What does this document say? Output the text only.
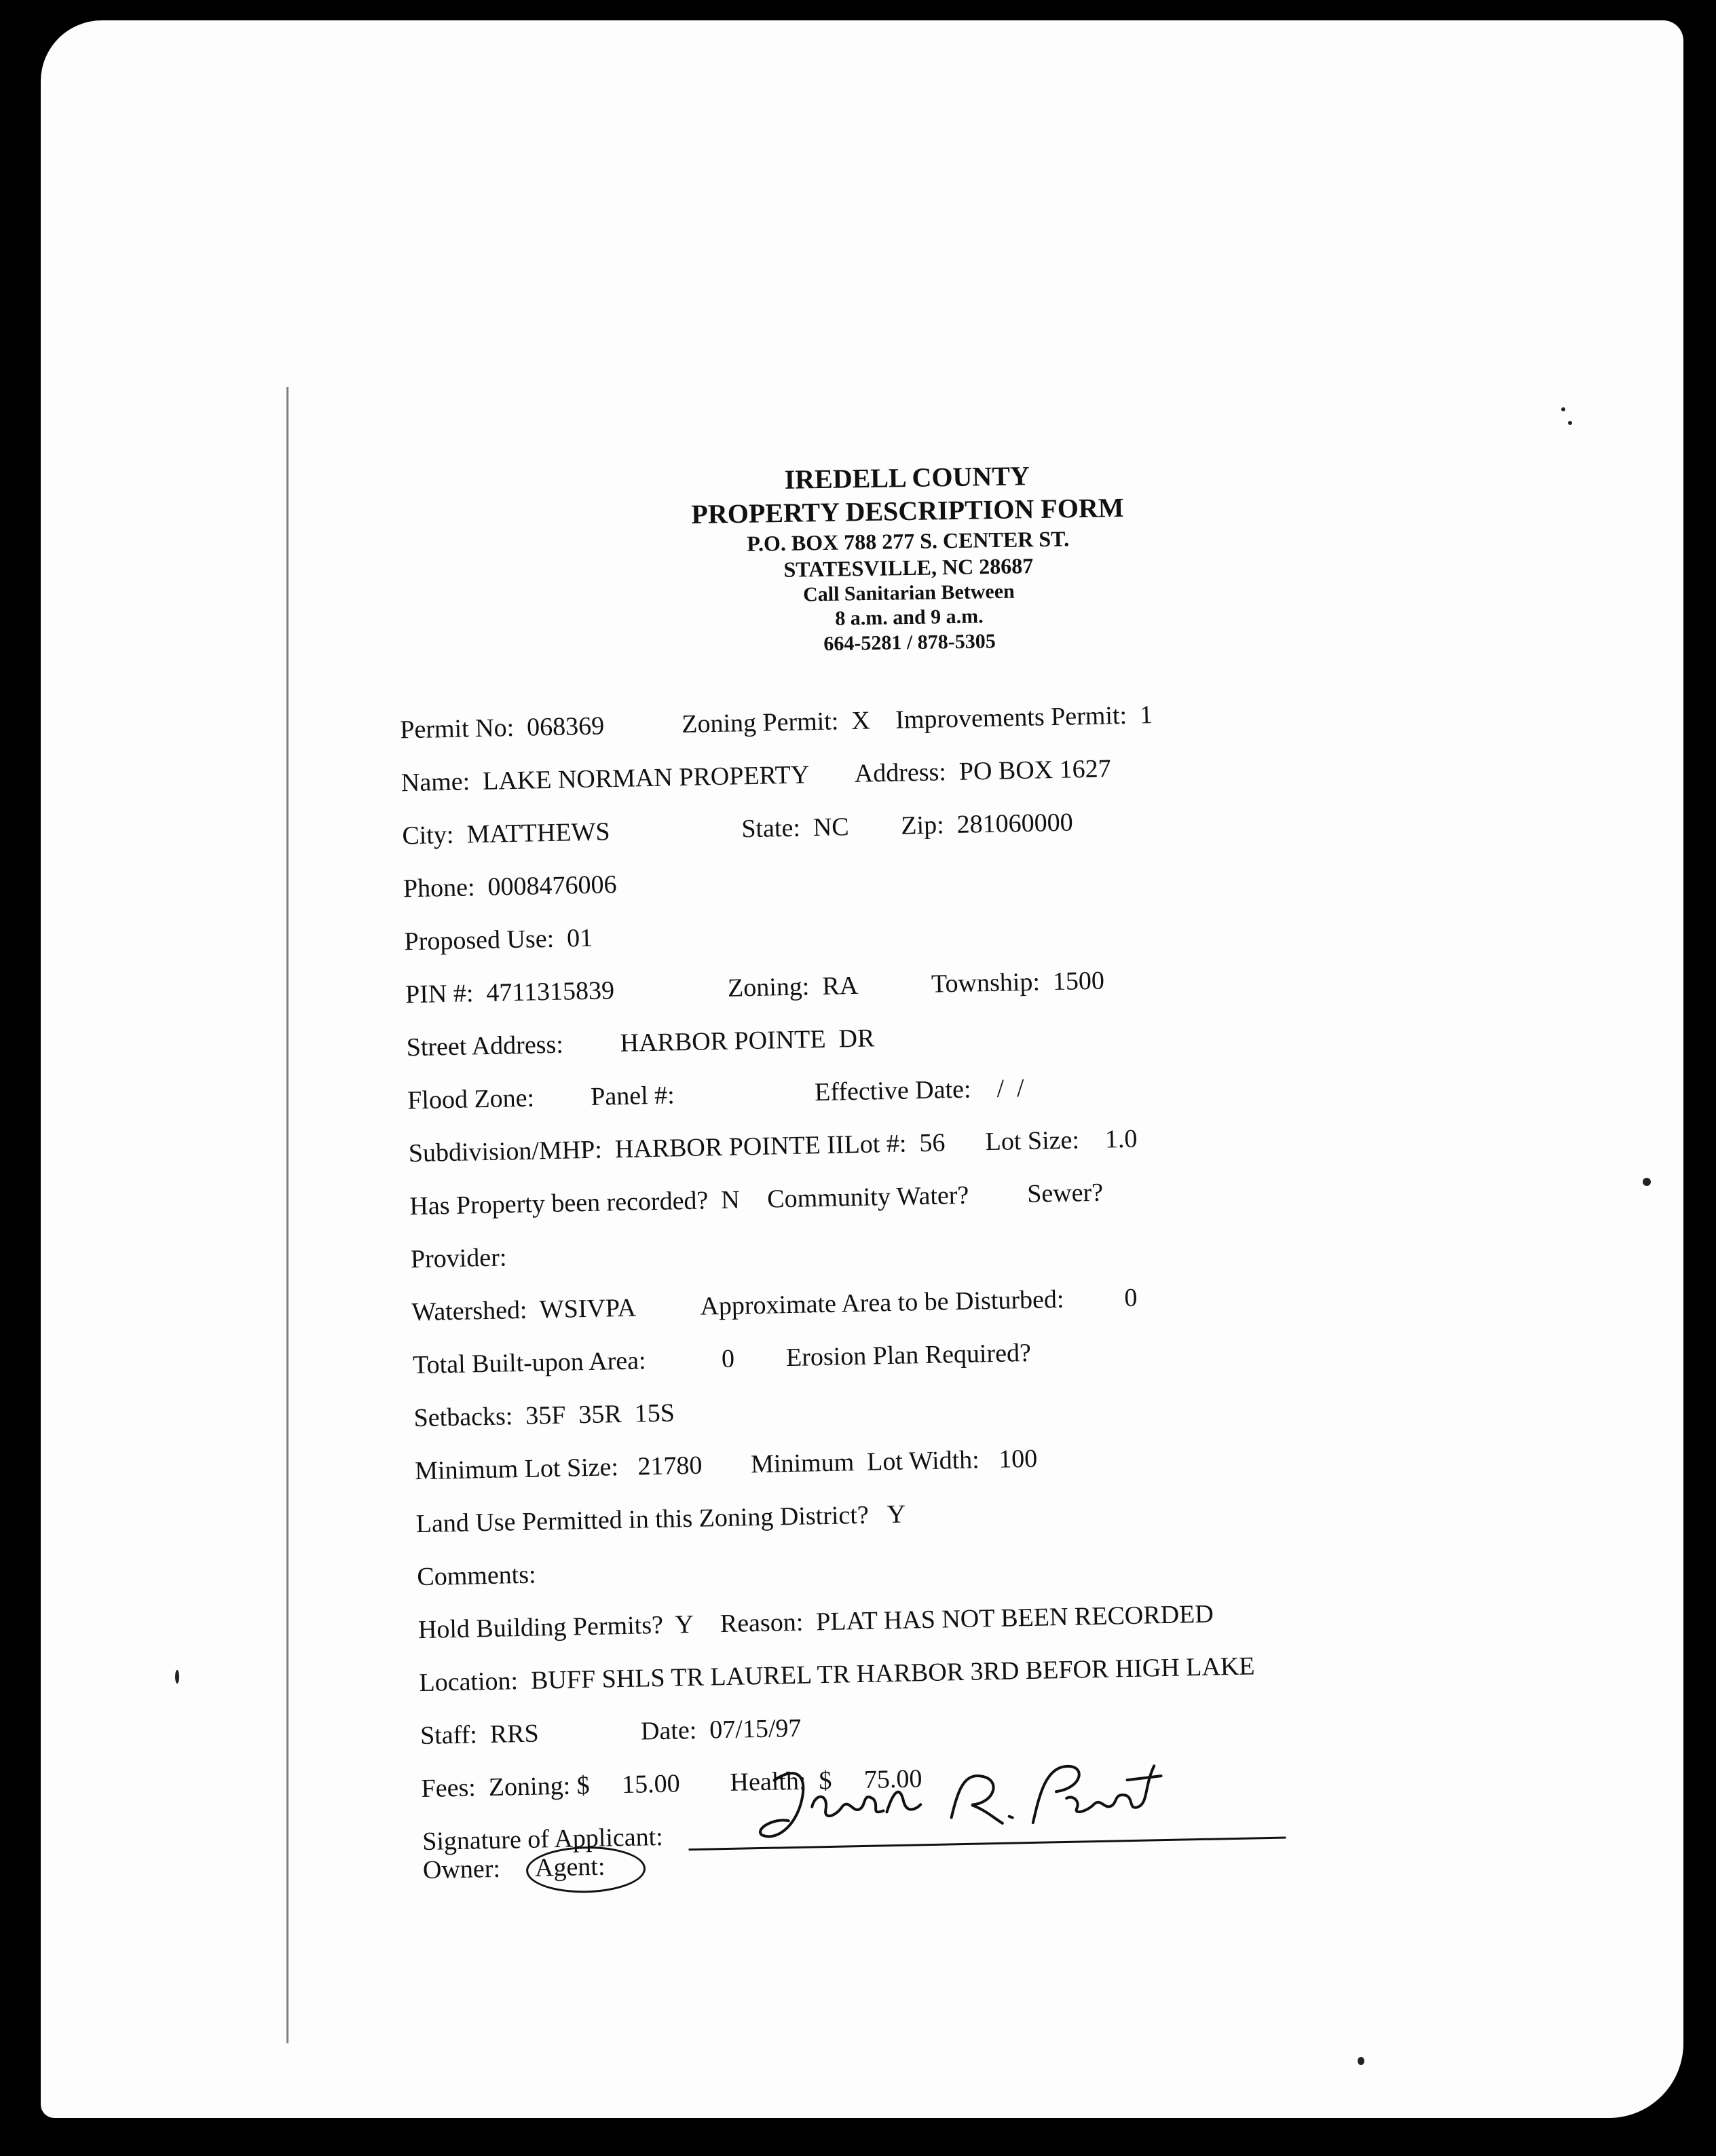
IREDELL COUNTY
PROPERTY DESCRIPTION FORM
P.O. BOX 788 277 S. CENTER ST.
STATESVILLE, NC 28687
Call Sanitarian Between
8 a.m. and 9 a.m.
664-5281 / 878-5305
Permit No:  068369	Zoning Permit:  X Improvements Permit:  1
Name:  LAKE NORMAN PROPERTY Address:  PO BOX 1627
City:  MATTHEWS	State:  NC Zip:  281060000
Phone:  0008476006
Proposed Use:  01
PIN #:  4711315839	Zoning:  RA	Township:  1500
Street Address: HARBOR POINTE  DR
Flood Zone: Panel #:	Effective Date:    /  /
Subdivision/MHP:  HARBOR POINTE IILot #:  56 Lot Size:    1.0
Has Property been recorded?  N Community Water? Sewer?
Provider:
Watershed:  WSIVPA Approximate Area to be Disturbed: 0
Total Built-upon Area:	0 Erosion Plan Required?
Setbacks:  35F  35R  15S
Minimum Lot Size:   21780 Minimum  Lot Width:   100
Land Use Permitted in this Zoning District?   Y
Comments:
Hold Building Permits?  Y Reason:  PLAT HAS NOT BEEN RECORDED
Location:  BUFF SHLS TR LAUREL TR HARBOR 3RD BEFOR HIGH LAKE
Staff:  RRS	Date:  07/15/97
Fees:  Zoning: $     15.00 Health:  $     75.00
Signature of Applicant:
Owner: Agent:
